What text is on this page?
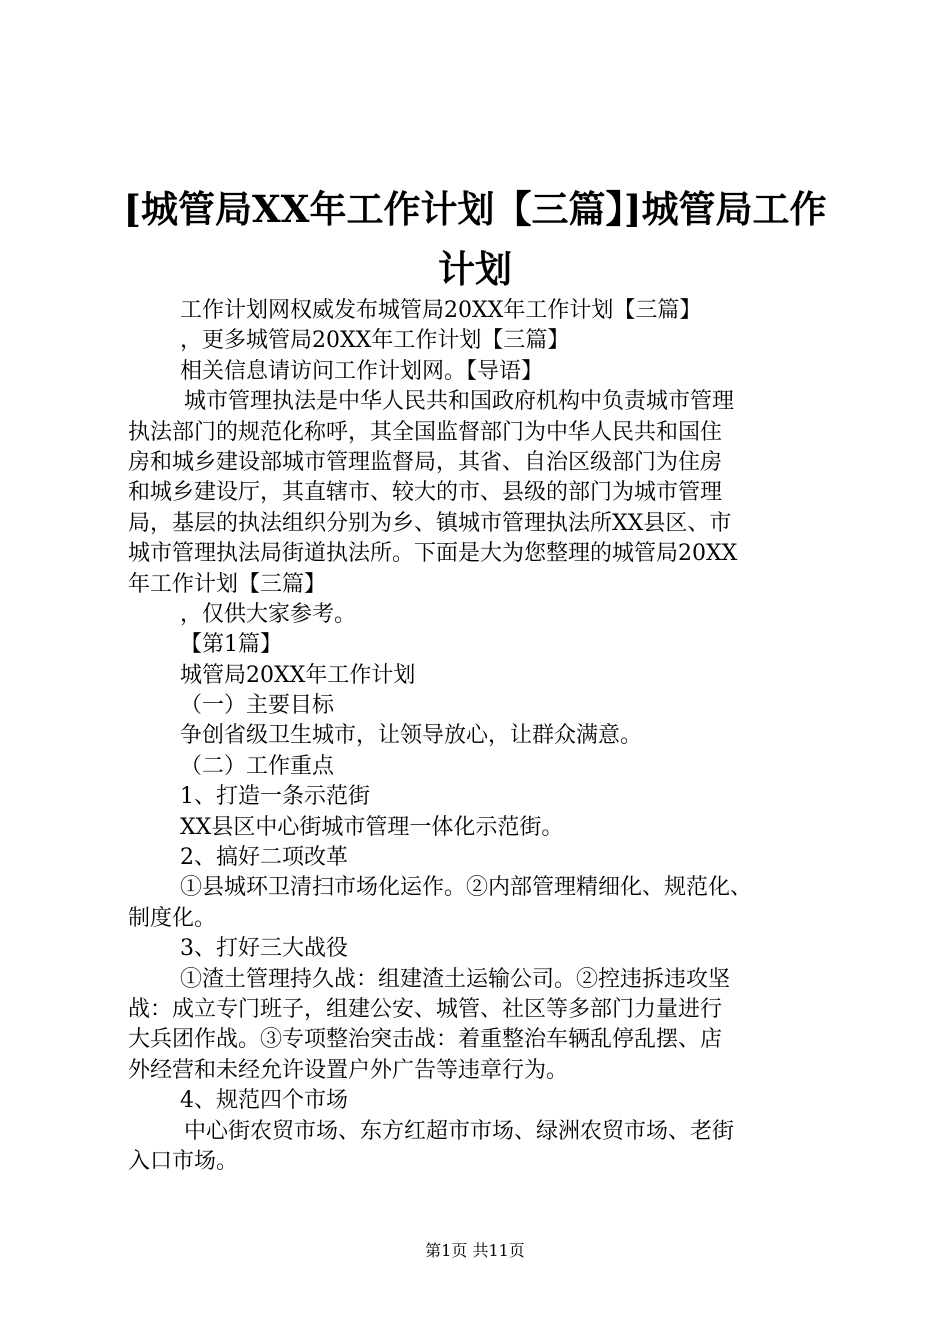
[城管局XX年工作计划【三篇】]城管局工作
计划
工作计划网权威发布城管局20XX年工作计划【三篇】
，更多城管局20XX年工作计划【三篇】
相关信息请访问工作计划网。【导语】
城市管理执法是中华人民共和国政府机构中负责城市管理
执法部门的规范化称呼，其全国监督部门为中华人民共和国住
房和城乡建设部城市管理监督局，其省、自治区级部门为住房
和城乡建设厅，其直辖市、较大的市、县级的部门为城市管理
局，基层的执法组织分别为乡、镇城市管理执法所XX县区、市
城市管理执法局街道执法所。下面是大为您整理的城管局20XX
年工作计划【三篇】
，仅供大家参考。
【第1篇】
城管局20XX年工作计划
（一）主要目标
争创省级卫生城市，让领导放心，让群众满意。
（二）工作重点
1、打造一条示范街
XX县区中心街城市管理一体化示范街。
2、搞好二项改革
①县城环卫清扫市场化运作。②内部管理精细化、规范化、
制度化。
3、打好三大战役
①渣土管理持久战：组建渣土运输公司。②控违拆违攻坚
战：成立专门班子，组建公安、城管、社区等多部门力量进行
大兵团作战。③专项整治突击战：着重整治车辆乱停乱摆、店
外经营和未经允许设置户外广告等违章行为。
4、规范四个市场
中心街农贸市场、东方红超市市场、绿洲农贸市场、老街
入口市场。
第1页 共11页
